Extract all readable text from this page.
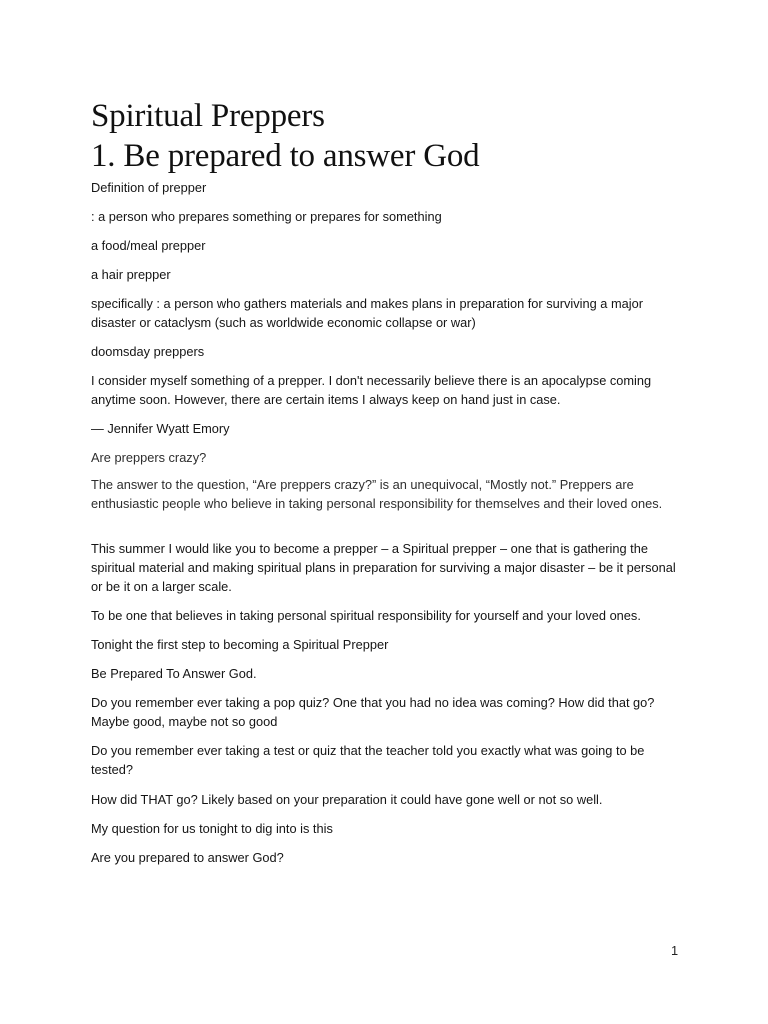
Spiritual Preppers
1. Be prepared to answer God
Definition of prepper
: a person who prepares something or prepares for something
a food/meal prepper
a hair prepper
specifically : a person who gathers materials and makes plans in preparation for surviving a major disaster or cataclysm (such as worldwide economic collapse or war)
doomsday preppers
I consider myself something of a prepper. I don't necessarily believe there is an apocalypse coming anytime soon. However, there are certain items I always keep on hand just in case.
— Jennifer Wyatt Emory
Are preppers crazy?
The answer to the question, “Are preppers crazy?” is an unequivocal, “Mostly not.” Preppers are enthusiastic people who believe in taking personal responsibility for themselves and their loved ones.
This summer I would like you to become a prepper – a Spiritual prepper – one that is gathering the spiritual material and making spiritual plans in preparation for surviving a major disaster – be it personal or be it on a larger scale.
To be one that believes in taking personal spiritual responsibility for yourself and your loved ones.
Tonight the first step to becoming a Spiritual Prepper
Be Prepared To Answer God.
Do you remember ever taking a pop quiz? One that you had no idea was coming? How did that go? Maybe good, maybe not so good
Do you remember ever taking a test or quiz that the teacher told you exactly what was going to be tested?
How did THAT go? Likely based on your preparation it could have gone well or not so well.
My question for us tonight to dig into is this
Are you prepared to answer God?
1
